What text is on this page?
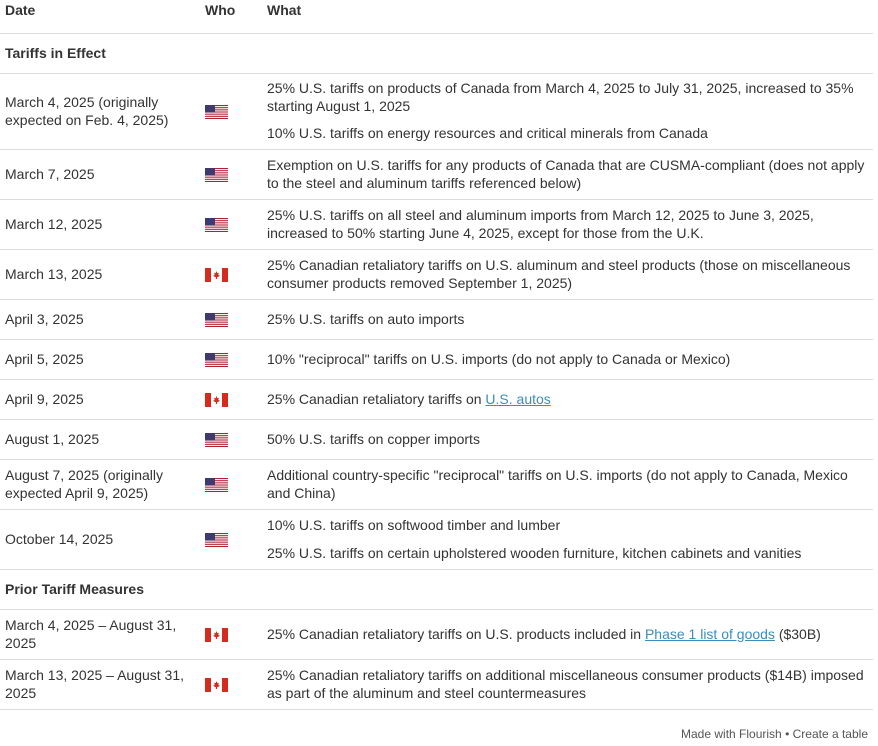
Date	Who	What
Tariffs in Effect		
March 4, 2025 (originally expected on Feb. 4, 2025)		25% U.S. tariffs on products of Canada from March 4, 2025 to July 31, 2025, increased to 35% starting August 1, 2025
10% U.S. tariffs on energy resources and critical minerals from Canada

March 7, 2025		Exemption on U.S. tariffs for any products of Canada that are CUSMA-compliant (does not apply to the steel and aluminum tariffs referenced below)
March 12, 2025		25% U.S. tariffs on all steel and aluminum imports from March 12, 2025 to June 3, 2025, increased to 50% starting June 4, 2025, except for those from the U.K.
March 13, 2025		25% Canadian retaliatory tariffs on U.S. aluminum and steel products (those on miscellaneous consumer products removed September 1, 2025)
April 3, 2025		25% U.S. tariffs on auto imports
April 5, 2025		10% "reciprocal" tariffs on U.S. imports (do not apply to Canada or Mexico)
April 9, 2025		25% Canadian retaliatory tariffs on U.S. autos
August 1, 2025		50% U.S. tariffs on copper imports
August 7, 2025 (originally expected April 9, 2025)		Additional country-specific "reciprocal" tariffs on U.S. imports (do not apply to Canada, Mexico and China)
October 14, 2025		10% U.S. tariffs on softwood timber and lumber
25% U.S. tariffs on certain upholstered wooden furniture, kitchen cabinets and vanities

Prior Tariff Measures		
March 4, 2025 – August 31, 2025		25% Canadian retaliatory tariffs on U.S. products included in Phase 1 list of goods ($30B)
March 13, 2025 – August 31, 2025		25% Canadian retaliatory tariffs on additional miscellaneous consumer products ($14B) imposed as part of the aluminum and steel countermeasures
Made with Flourish • Create a table
